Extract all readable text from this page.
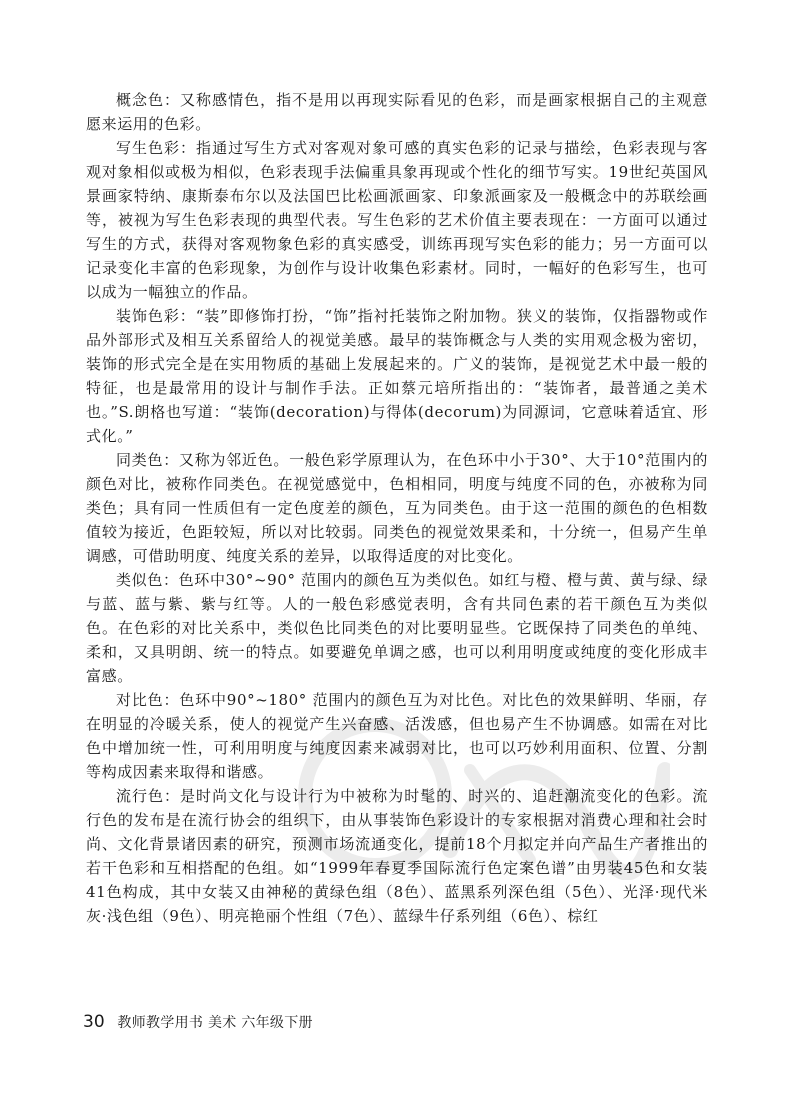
概念色：又称感情色，指不是用以再现实际看见的色彩，而是画家根据自己的主观意愿来运用的色彩。

写生色彩：指通过写生方式对客观对象可感的真实色彩的记录与描绘，色彩表现与客观对象相似或极为相似，色彩表现手法偏重具象再现或个性化的细节写实。19世纪英国风景画家特纳、康斯泰布尔以及法国巴比松画派画家、印象派画家及一般概念中的苏联绘画等，被视为写生色彩表现的典型代表。写生色彩的艺术价值主要表现在：一方面可以通过写生的方式，获得对客观物象色彩的真实感受，训练再现写实色彩的能力；另一方面可以记录变化丰富的色彩现象，为创作与设计收集色彩素材。同时，一幅好的色彩写生，也可以成为一幅独立的作品。

装饰色彩：“装”即修饰打扮，“饰”指衬托装饰之附加物。狭义的装饰，仅指器物或作品外部形式及相互关系留给人的视觉美感。最早的装饰概念与人类的实用观念极为密切，装饰的形式完全是在实用物质的基础上发展起来的。广义的装饰，是视觉艺术中最一般的特征，也是最常用的设计与制作手法。正如蔡元培所指出的：“装饰者，最普通之美术也。”S.朗格也写道：“装饰(decoration)与得体(decorum)为同源词，它意味着适宜、形式化。”

同类色：又称为邻近色。一般色彩学原理认为，在色环中小于30°、大于10°范围内的颜色对比，被称作同类色。在视觉感觉中，色相相同，明度与纯度不同的色，亦被称为同类色；具有同一性质但有一定色度差的颜色，互为同类色。由于这一范围的颜色的色相数值较为接近，色距较短，所以对比较弱。同类色的视觉效果柔和，十分统一，但易产生单调感，可借助明度、纯度关系的差异，以取得适度的对比变化。

类似色：色环中30°~90° 范围内的颜色互为类似色。如红与橙、橙与黄、黄与绿、绿与蓝、蓝与紫、紫与红等。人的一般色彩感觉表明，含有共同色素的若干颜色互为类似色。在色彩的对比关系中，类似色比同类色的对比要明显些。它既保持了同类色的单纯、柔和，又具明朗、统一的特点。如要避免单调之感，也可以利用明度或纯度的变化形成丰富感。

对比色：色环中90°~180° 范围内的颜色互为对比色。对比色的效果鲜明、华丽，存在明显的冷暖关系，使人的视觉产生兴奋感、活泼感，但也易产生不协调感。如需在对比色中增加统一性，可利用明度与纯度因素来减弱对比，也可以巧妙利用面积、位置、分割等构成因素来取得和谐感。

流行色：是时尚文化与设计行为中被称为时髦的、时兴的、追赶潮流变化的色彩。流行色的发布是在流行协会的组织下，由从事装饰色彩设计的专家根据对消费心理和社会时尚、文化背景诸因素的研究，预测市场流通变化，提前18个月拟定并向产品生产者推出的若干色彩和互相搭配的色组。如“1999年春夏季国际流行色定案色谱”由男装45色和女装41色构成，其中女装又由神秘的黄绿色组（8色）、蓝黑系列深色组（5色）、光泽·现代米灰·浅色组（9色）、明亮艳丽个性组（7色）、蓝绿牛仔系列组（6色）、棕红

30 教师教学用书 美术 六年级下册
